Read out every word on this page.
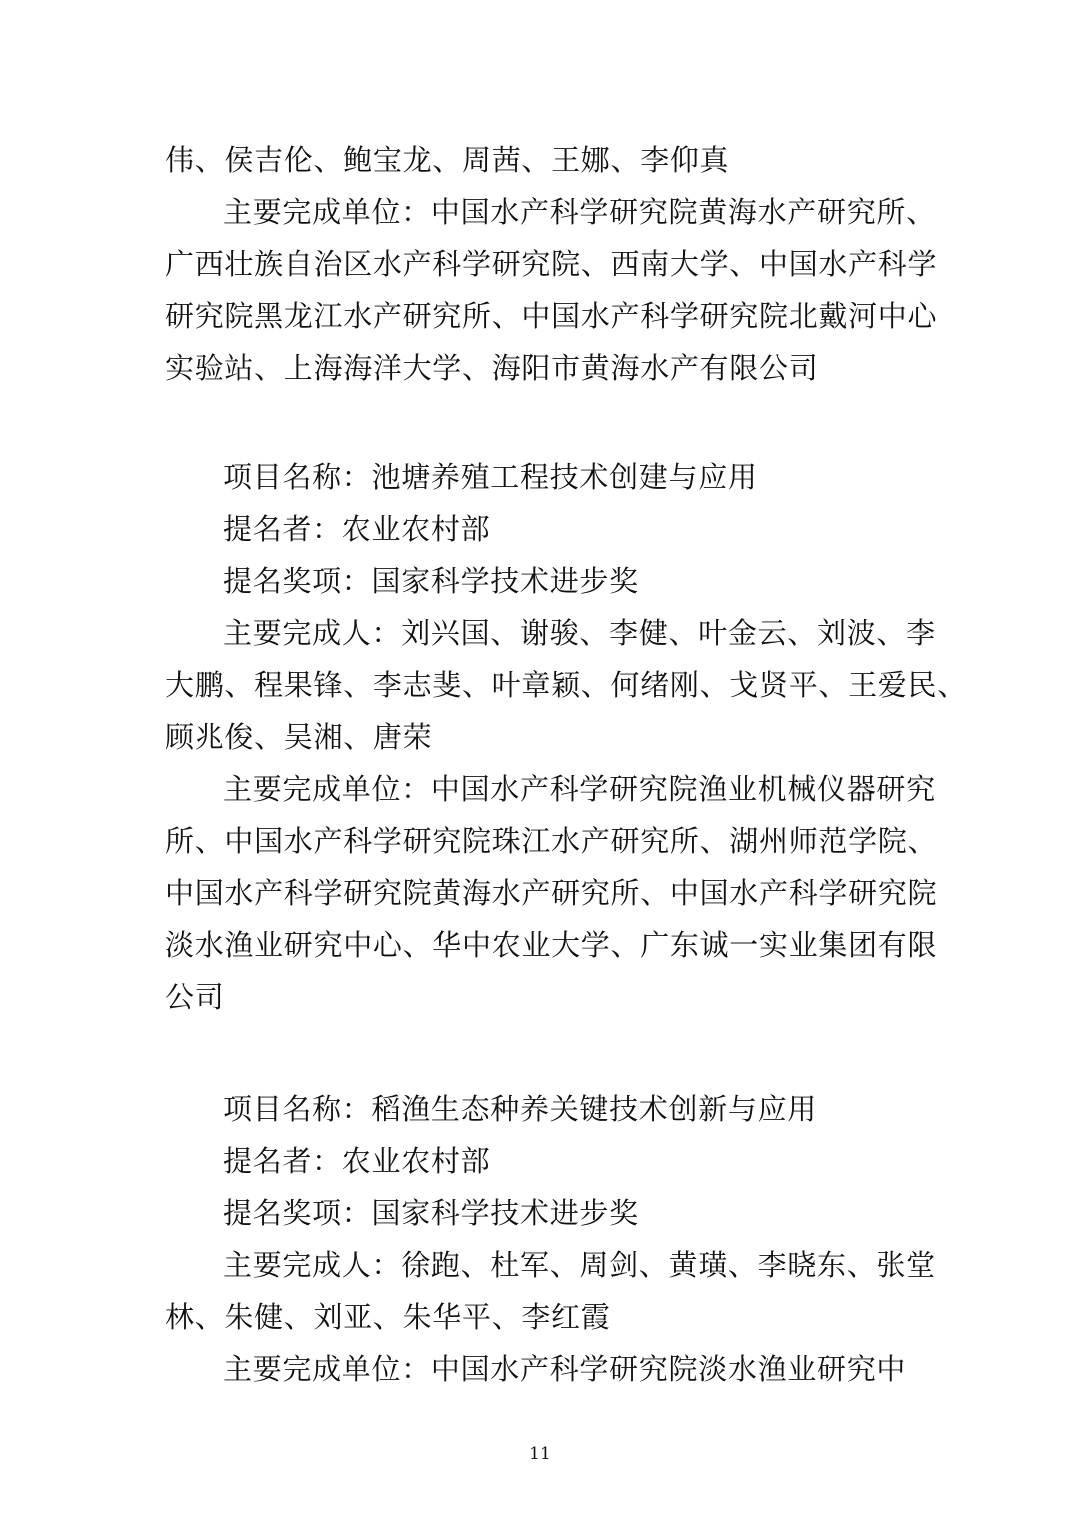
伟、侯吉伦、鲍宝龙、周茜、王娜、李仰真
主要完成单位：中国水产科学研究院黄海水产研究所、
广西壮族自治区水产科学研究院、西南大学、中国水产科学
研究院黑龙江水产研究所、中国水产科学研究院北戴河中心
实验站、上海海洋大学、海阳市黄海水产有限公司
项目名称：池塘养殖工程技术创建与应用
提名者：农业农村部
提名奖项：国家科学技术进步奖
主要完成人：刘兴国、谢骏、李健、叶金云、刘波、李
大鹏、程果锋、李志斐、叶章颖、何绪刚、戈贤平、王爱民、
顾兆俊、吴湘、唐荣
主要完成单位：中国水产科学研究院渔业机械仪器研究
所、中国水产科学研究院珠江水产研究所、湖州师范学院、
中国水产科学研究院黄海水产研究所、中国水产科学研究院
淡水渔业研究中心、华中农业大学、广东诚一实业集团有限
公司
项目名称：稻渔生态种养关键技术创新与应用
提名者：农业农村部
提名奖项：国家科学技术进步奖
主要完成人：徐跑、杜军、周剑、黄璜、李晓东、张堂
林、朱健、刘亚、朱华平、李红霞
主要完成单位：中国水产科学研究院淡水渔业研究中
11
